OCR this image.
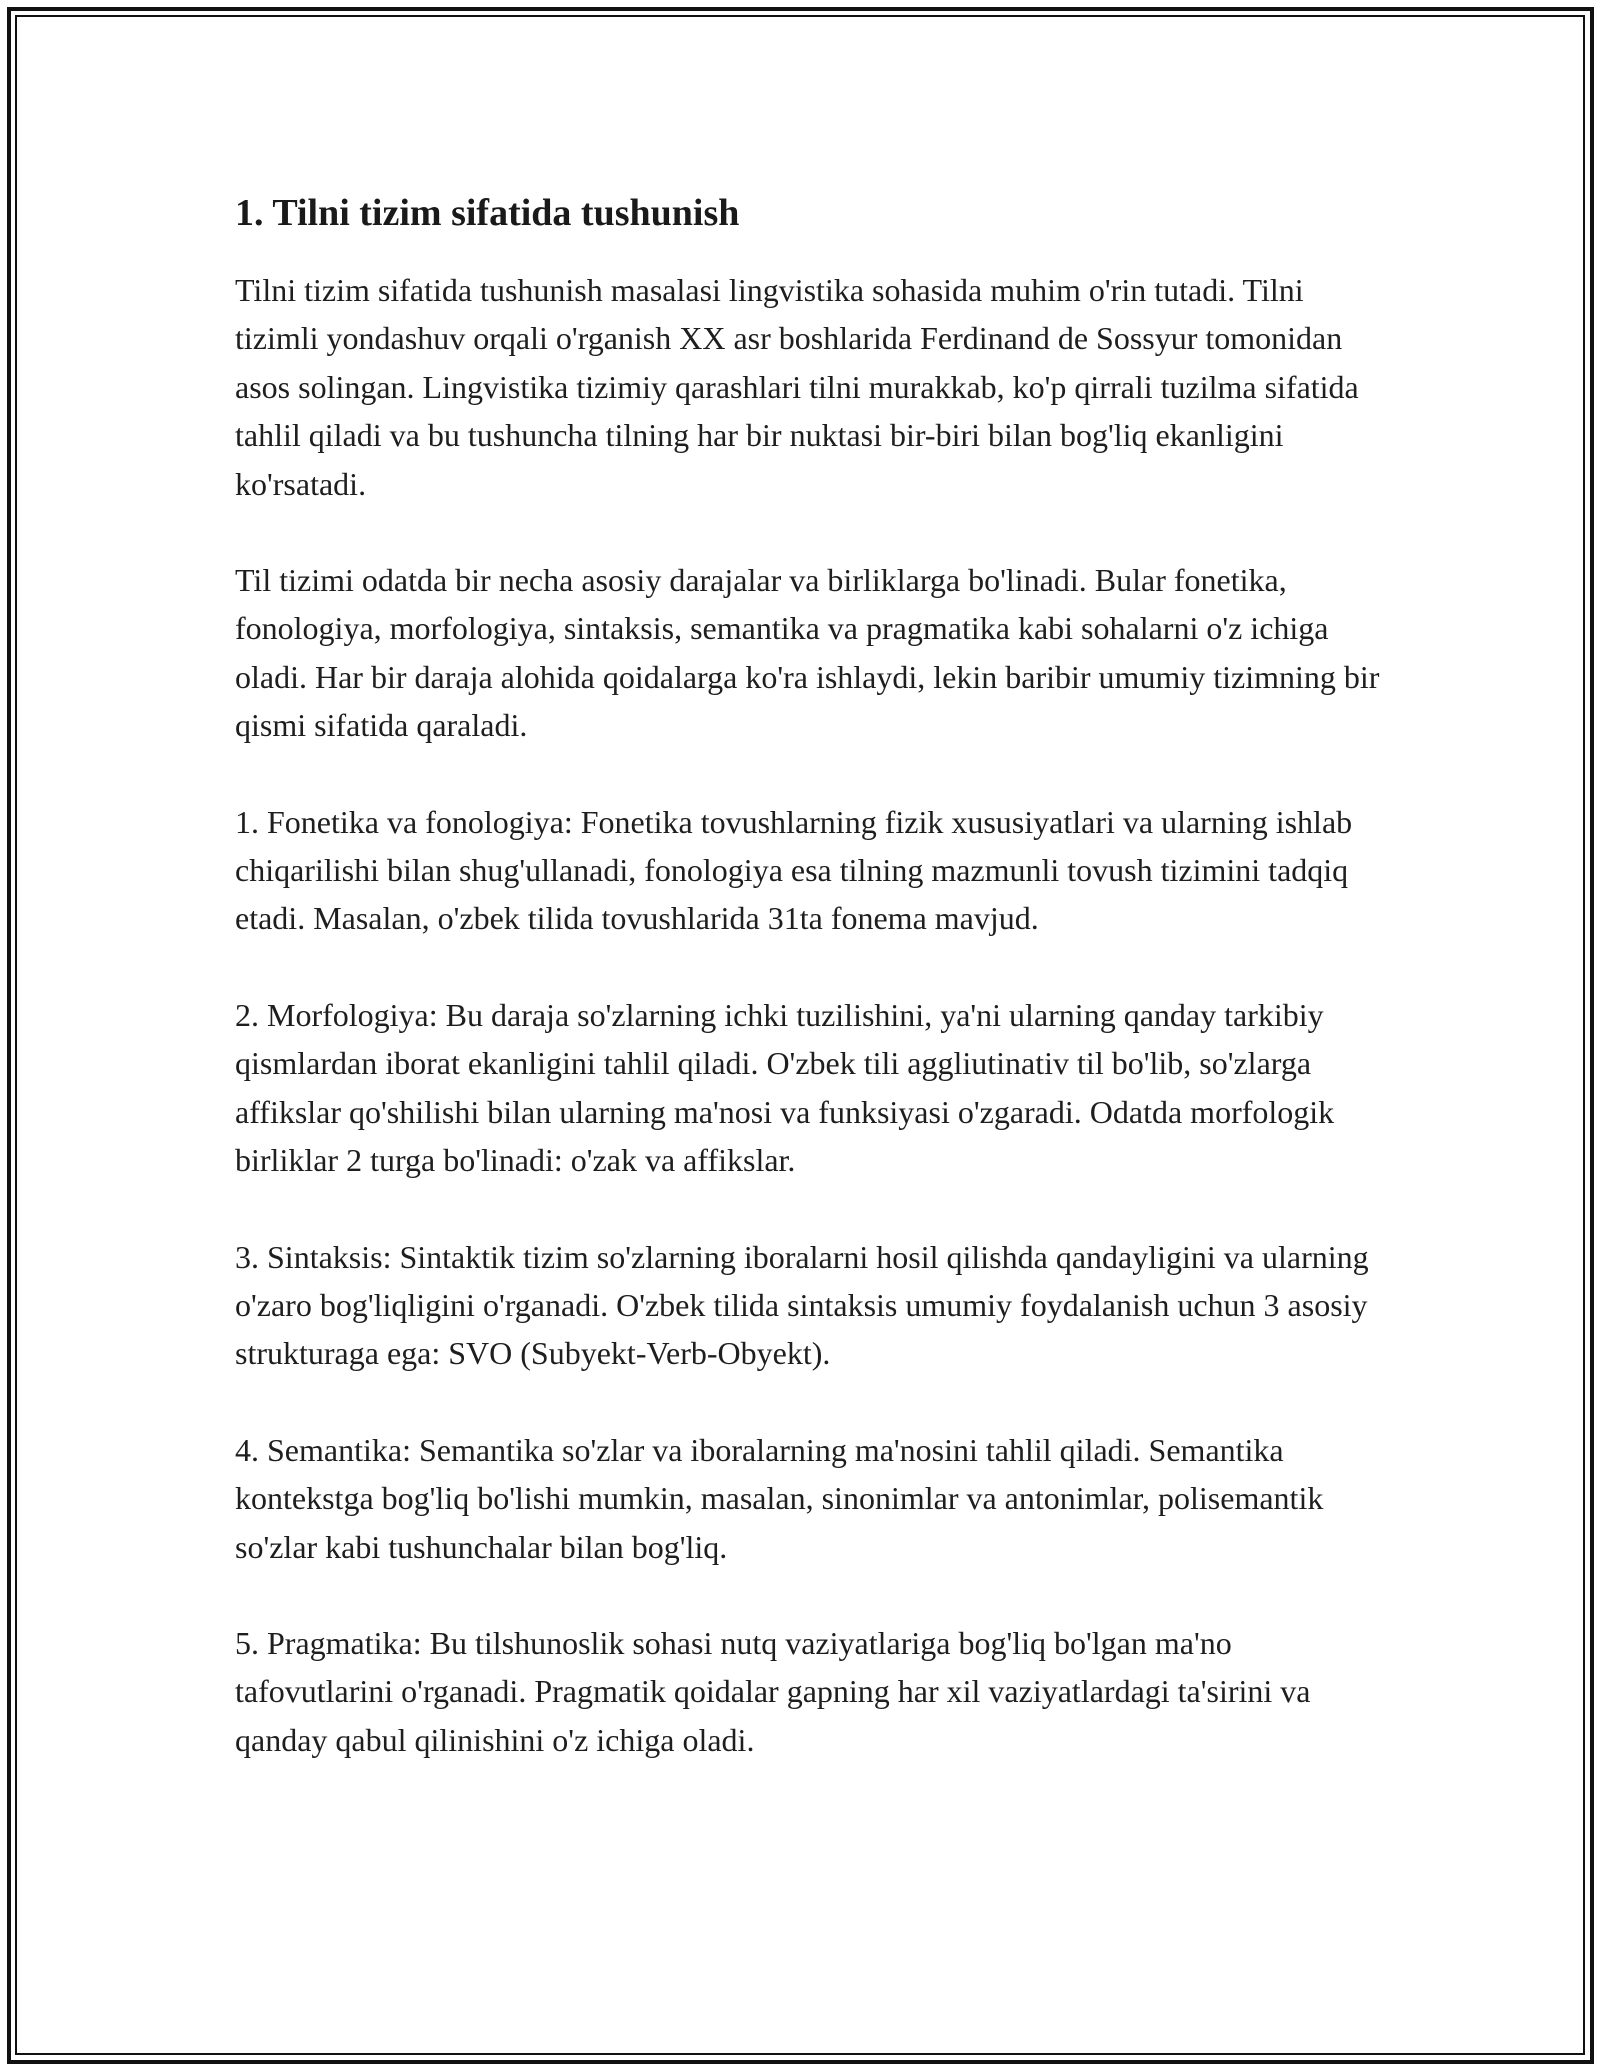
1. Tilni tizim sifatida tushunish

Tilni tizim sifatida tushunish masalasi lingvistika sohasida muhim o'rin tutadi. Tilni tizimli yondashuv orqali o'rganish XX asr boshlarida Ferdinand de Sossyur tomonidan asos solingan. Lingvistika tizimiy qarashlari tilni murakkab, ko'p qirrali tuzilma sifatida tahlil qiladi va bu tushuncha tilning har bir nuktasi bir-biri bilan bog'liq ekanligini ko'rsatadi.

Til tizimi odatda bir necha asosiy darajalar va birliklarga bo'linadi. Bular fonetika, fonologiya, morfologiya, sintaksis, semantika va pragmatika kabi sohalarni o'z ichiga oladi. Har bir daraja alohida qoidalarga ko'ra ishlaydi, lekin baribir umumiy tizimning bir qismi sifatida qaraladi.

1. Fonetika va fonologiya: Fonetika tovushlarning fizik xususiyatlari va ularning ishlab chiqarilishi bilan shug'ullanadi, fonologiya esa tilning mazmunli tovush tizimini tadqiq etadi. Masalan, o'zbek tilida tovushlarida 31ta fonema mavjud.

2. Morfologiya: Bu daraja so'zlarning ichki tuzilishini, ya'ni ularning qanday tarkibiy qismlardan iborat ekanligini tahlil qiladi. O'zbek tili aggliutinativ til bo'lib, so'zlarga affikslar qo'shilishi bilan ularning ma'nosi va funksiyasi o'zgaradi. Odatda morfologik birliklar 2 turga bo'linadi: o'zak va affikslar.

3. Sintaksis: Sintaktik tizim so'zlarning iboralarni hosil qilishda qandayligini va ularning o'zaro bog'liqligini o'rganadi. O'zbek tilida sintaksis umumiy foydalanish uchun 3 asosiy strukturaga ega: SVO (Subyekt-Verb-Obyekt).

4. Semantika: Semantika so'zlar va iboralarning ma'nosini tahlil qiladi. Semantika kontekstga bog'liq bo'lishi mumkin, masalan, sinonimlar va antonimlar, polisemantik so'zlar kabi tushunchalar bilan bog'liq.

5. Pragmatika: Bu tilshunoslik sohasi nutq vaziyatlariga bog'liq bo'lgan ma'no tafovutlarini o'rganadi. Pragmatik qoidalar gapning har xil vaziyatlardagi ta'sirini va qanday qabul qilinishini o'z ichiga oladi.
